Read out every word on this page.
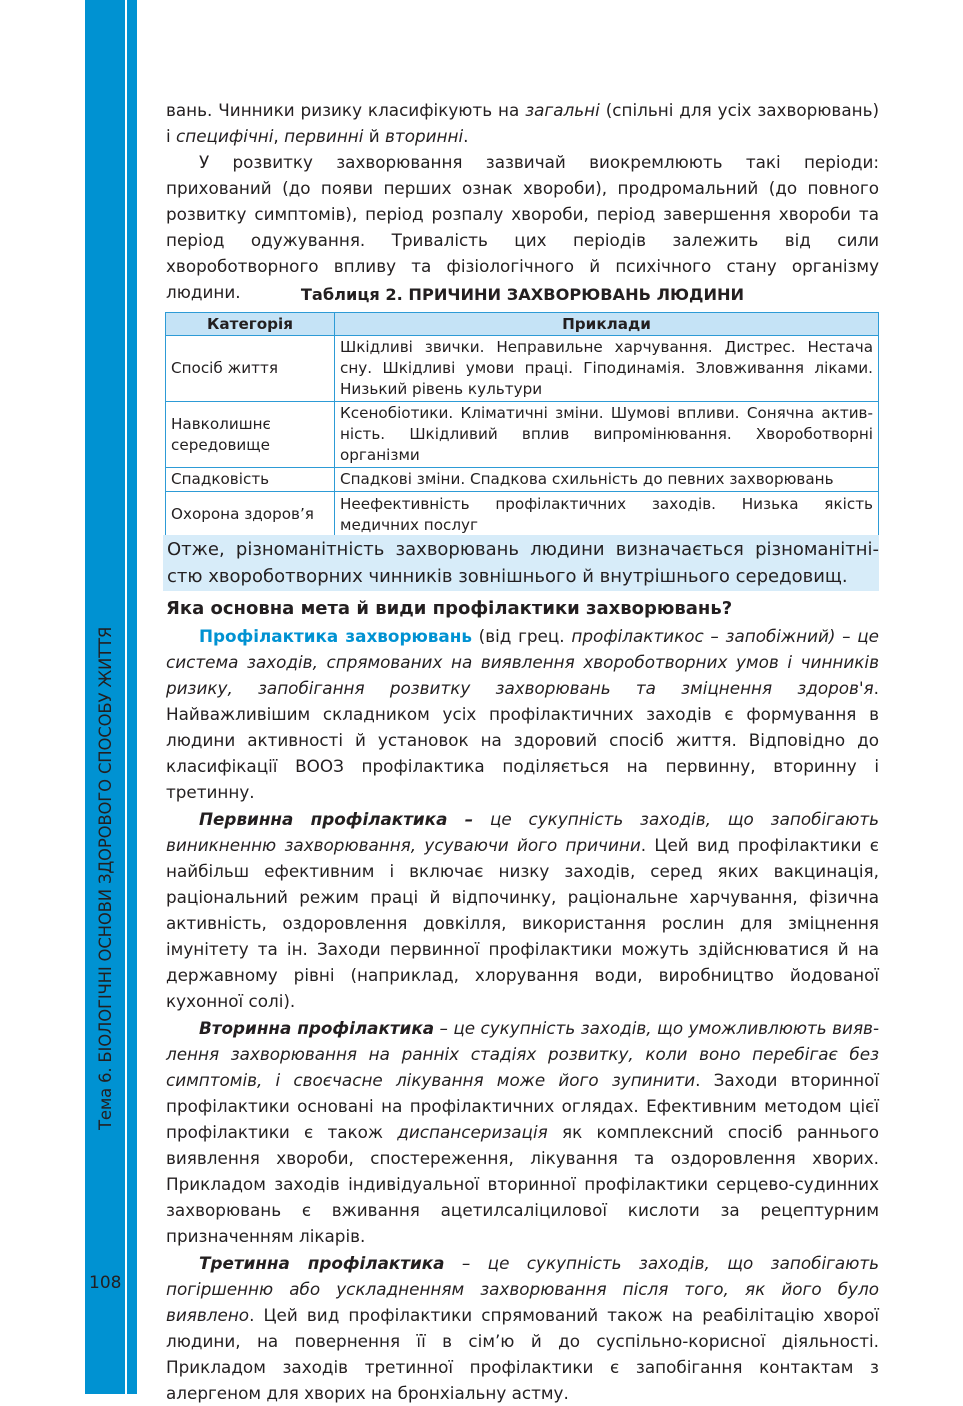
Тема 6. БІОЛОГІЧНІ ОСНОВИ ЗДОРОВОГО СПОСОБУ ЖИТТЯ
108

вань. Чинники ризику класифікують на загальні (спільні для усіх захворювань) і специфічні, первинні й вторинні.

У розвитку захворювання зазвичай виокремлюють такі періоди: прихований (до появи перших ознак хвороби), продромальний (до повного розвитку симптомів), період розпалу хвороби, період завершення хвороби та період одужування. Тривалість цих періодів залежить від сили хвороботворного впливу та фізіологічного й психічного стану організму людини.	Таблиця 2. ПРИЧИНИ ЗАХВОРЮВАНЬ ЛЮДИНИ
Категорія	Приклади
Спосіб життя	Шкідливі звички. Неправильне харчування. Дистрес. Нестача сну. Шкідливі умови праці. Гіподинамія. Зловживання ліками. Низький рівень культури
Навколишнє середовище	Ксенобіотики. Кліматичні зміни. Шумові впливи. Сонячна активність. Шкідливий вплив випромінювання. Хвороботворні організми
Спадковість	Спадкові зміни. Спадкова схильність до певних захворювань
Охорона здоров’я	Неефективність профілактичних заходів. Низька якість медичних послуг
Отже, різноманітність захворювань людини визначається різноманітністю хвороботворних чинників зовнішнього й внутрішнього середовищ.
Яка основна мета й види профілактики захворювань?

Профілактика захворювань (від грец. профілактикос – запобіжний) – це система заходів, спрямованих на виявлення хвороботворних умов і чинників ризику, запобігання розвитку захворювань та зміцнення здоров'я. Найважливішим складником усіх профілактичних заходів є формування в людини активності й установок на здоровий спосіб життя. Відповідно до класифікації ВООЗ профілактика поділяється на первинну, вторинну і третинну.

Первинна профілактика – це сукупність заходів, що запобігають виникненню захворювання, усуваючи його причини. Цей вид профілактики є найбільш ефективним і включає низку заходів, серед яких вакцинація, раціональний режим праці й відпочинку, раціональне харчування, фізична активність, оздоровлення довкілля, використання рослин для зміцнення імунітету та ін. Заходи первинної профілактики можуть здійснюватися й на державному рівні (наприклад, хлорування води, виробництво йодованої кухонної солі).

Вторинна профілактика – це сукупність заходів, що уможливлюють виявлення захворювання на ранніх стадіях розвитку, коли воно перебігає без симптомів, і своєчасне лікування може його зупинити. Заходи вторинної профілактики основані на профілактичних оглядах. Ефективним методом цієї профілактики є також диспансеризація як комплексний спосіб раннього виявлення хвороби, спостереження, лікування та оздоровлення хворих. Прикладом заходів індивідуальної вторинної профілактики серцево-судинних захворювань є вживання ацетилсаліцилової кислоти за рецептурним призначенням лікарів.

Третинна профілактика – це сукупність заходів, що запобігають погіршенню або ускладненням захворювання після того, як його було виявлено. Цей вид профілактики спрямований також на реабілітацію хворої людини, на повернення її в сім’ю й до суспільно-корисної діяльності. Прикладом заходів третинної профілактики є запобігання контактам з алергеном для хворих на бронхіальну астму.
